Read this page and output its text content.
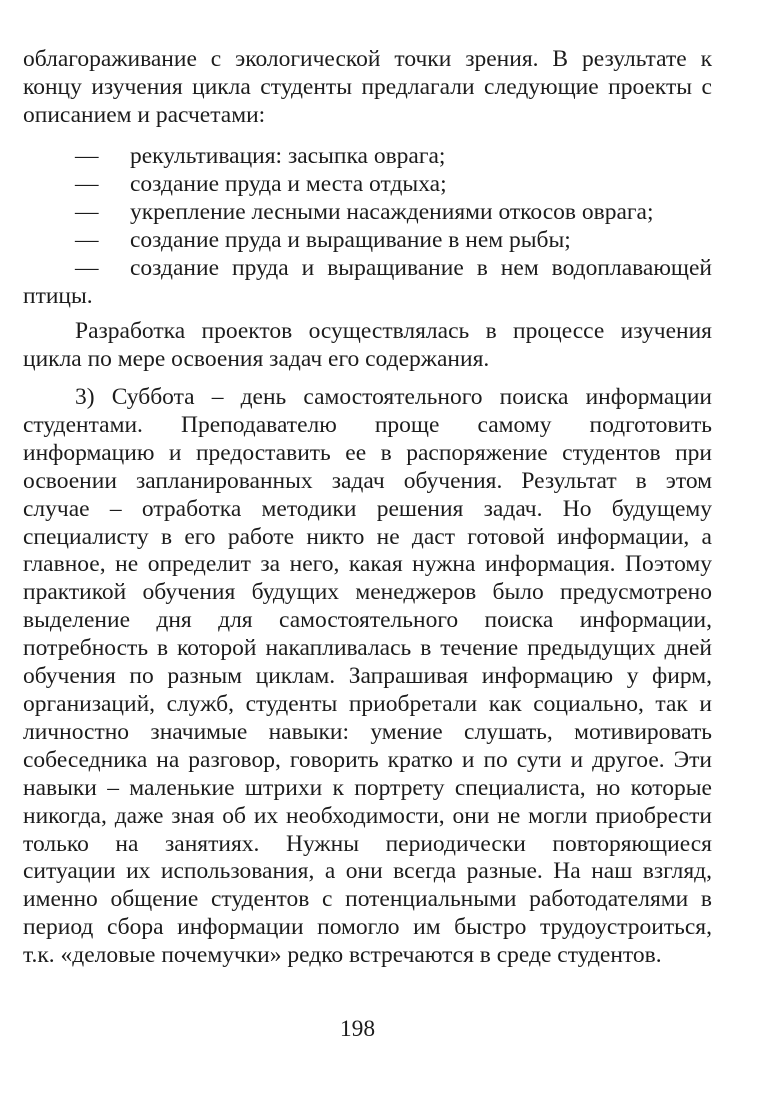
облагораживание с экологической точки зрения. В результате к
концу изучения цикла студенты предлагали следующие проекты с
описанием и расчетами:
— рекультивация: засыпка оврага;
— создание пруда и места отдыха;
— укрепление лесными насаждениями откосов оврага;
— создание пруда и выращивание в нем рыбы;
— создание пруда и выращивание в нем водоплавающей
птицы.
Разработка проектов осуществлялась в процессе изучения
цикла по мере освоения задач его содержания.
3) Суббота – день самостоятельного поиска информации
студентами. Преподавателю проще самому подготовить
информацию и предоставить ее в распоряжение студентов при
освоении запланированных задач обучения. Результат в этом
случае – отработка методики решения задач. Но будущему
специалисту в его работе никто не даст готовой информации, а
главное, не определит за него, какая нужна информация. Поэтому
практикой обучения будущих менеджеров было предусмотрено
выделение дня для самостоятельного поиска информации,
потребность в которой накапливалась в течение предыдущих дней
обучения по разным циклам. Запрашивая информацию у фирм,
организаций, служб, студенты приобретали как социально, так и
личностно значимые навыки: умение слушать, мотивировать
собеседника на разговор, говорить кратко и по сути и другое. Эти
навыки – маленькие штрихи к портрету специалиста, но которые
никогда, даже зная об их необходимости, они не могли приобрести
только на занятиях. Нужны периодически повторяющиеся
ситуации их использования, а они всегда разные. На наш взгляд,
именно общение студентов с потенциальными работодателями в
период сбора информации помогло им быстро трудоустроиться,
т.к. «деловые почемучки» редко встречаются в среде студентов.
198
